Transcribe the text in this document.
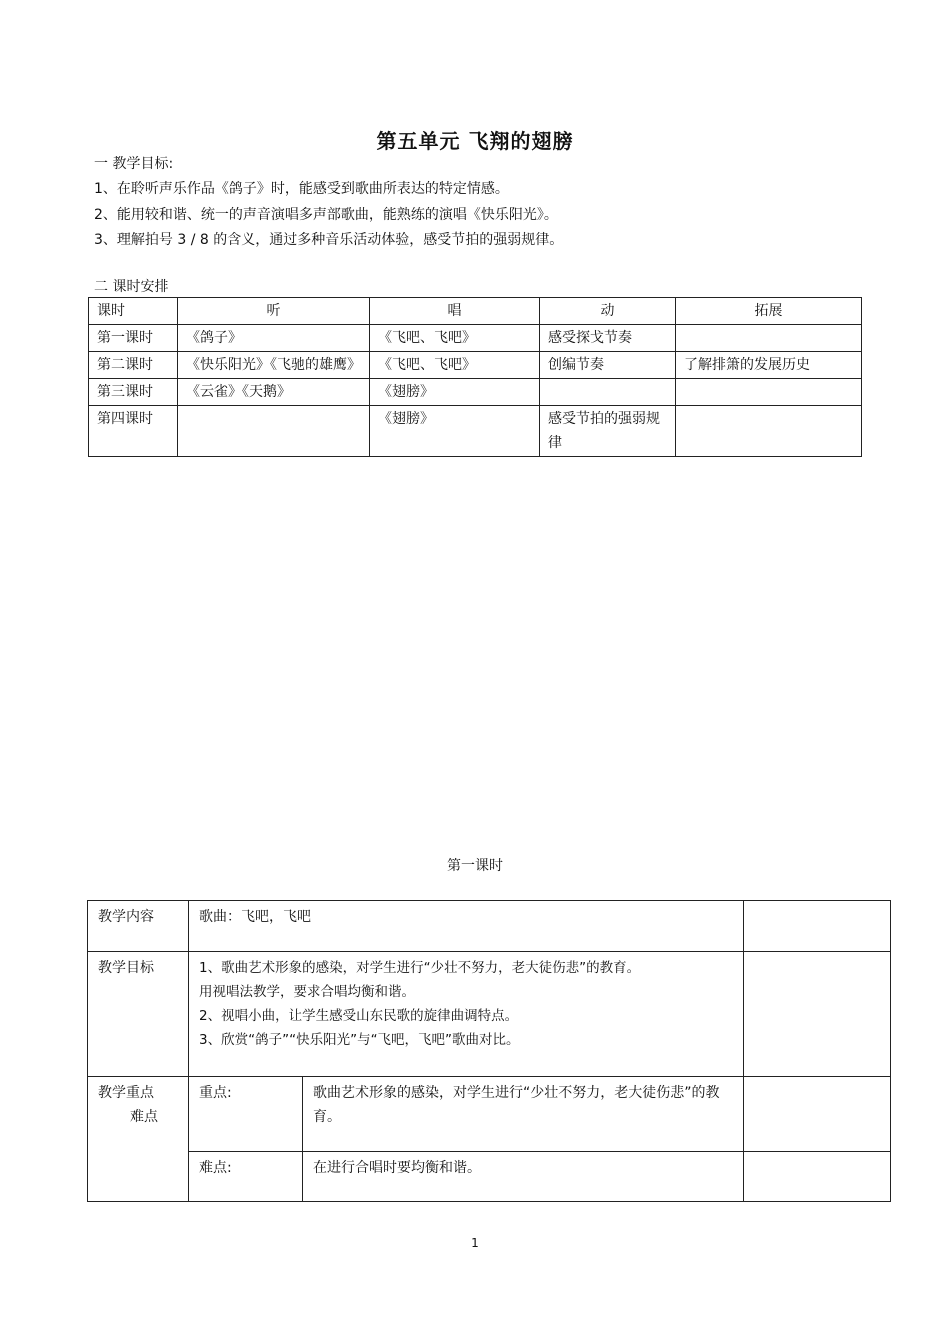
第五单元 飞翔的翅膀
一 教学目标:
1、在聆听声乐作品《鸽子》时，能感受到歌曲所表达的特定情感。
2、能用较和谐、统一的声音演唱多声部歌曲，能熟练的演唱《快乐阳光》。
3、理解拍号 3 / 8 的含义，通过多种音乐活动体验，感受节拍的强弱规律。
二 课时安排
课时	听	唱	动	拓展
第一课时	《鸽子》	《飞吧、飞吧》	感受探戈节奏	
第二课时	《快乐阳光》《飞驰的雄鹰》	《飞吧、飞吧》	创编节奏	了解排箫的发展历史
第三课时	《云雀》《天鹅》	《翅膀》		
第四课时		《翅膀》	感受节拍的强弱规律	
第一课时
教学内容	歌曲：飞吧，飞吧		
教学目标	1、歌曲艺术形象的感染，对学生进行“少壮不努力，老大徒伤悲”的教育。
用视唱法教学，要求合唱均衡和谐。
2、视唱小曲，让学生感受山东民歌的旋律曲调特点。
3、欣赏“鸽子”“快乐阳光”与“飞吧，飞吧”歌曲对比。		

教学重点
难点	重点:	歌曲艺术形象的感染，对学生进行“少壮不努力，老大徒伤悲”的教育。	
	难点:	在进行合唱时要均衡和谐。	
1
